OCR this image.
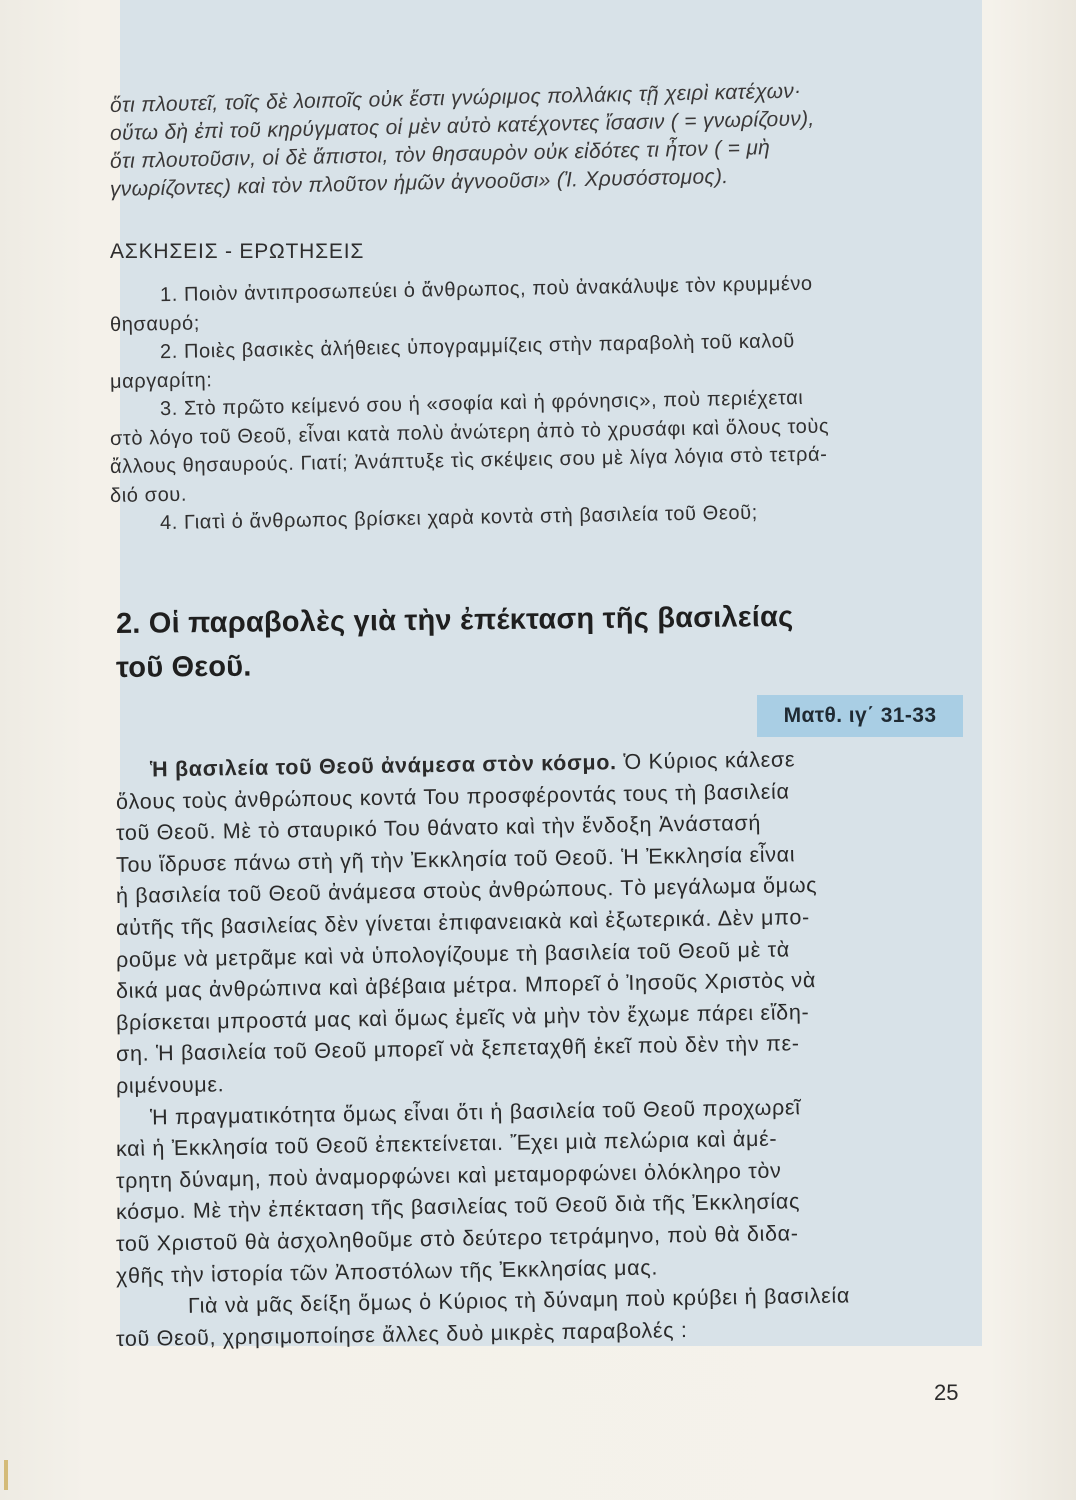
ὅτι πλουτεῖ, τοῖς δὲ λοιποῖς οὐκ ἔστι γνώριμος πολλάκις τῇ χειρὶ κατέχων·
οὕτω δὴ ἐπὶ τοῦ κηρύγματος οἱ μὲν αὐτὸ κατέχοντες ἴσασιν ( = γνωρίζουν),
ὅτι πλουτοῦσιν, οἱ δὲ ἄπιστοι, τὸν θησαυρὸν οὐκ εἰδότες τι ἦτον ( = μὴ
γνωρίζοντες) καὶ τὸν πλοῦτον ἡμῶν ἀγνοοῦσι» (Ἰ. Χρυσόστομος).
ΑΣΚΗΣΕΙΣ - ΕΡΩΤΗΣΕΙΣ
1. Ποιὸν ἀντιπροσωπεύει ὁ ἄνθρωπος, ποὺ ἀνακάλυψε τὸν κρυμμένο
θησαυρό;
2. Ποιὲς βασικὲς ἀλήθειες ὑπογραμμίζεις στὴν παραβολὴ τοῦ καλοῦ
μαργαρίτη:
3. Στὸ πρῶτο κείμενό σου ἡ «σοφία καὶ ἡ φρόνησις», ποὺ περιέχεται
στὸ λόγο τοῦ Θεοῦ, εἶναι κατὰ πολὺ ἀνώτερη ἀπὸ τὸ χρυσάφι καὶ ὅλους τοὺς
ἄλλους θησαυρούς. Γιατί; Ἀνάπτυξε τὶς σκέψεις σου μὲ λίγα λόγια στὸ τετρά-
διό σου.
4. Γιατὶ ὁ ἄνθρωπος βρίσκει χαρὰ κοντὰ στὴ βασιλεία τοῦ Θεοῦ;
2. Οἱ παραβολὲς γιὰ τὴν ἐπέκταση τῆς βασιλείας
τοῦ Θεοῦ.
Ματθ. ιγ΄ 31-33
Ἡ βασιλεία τοῦ Θεοῦ ἀνάμεσα στὸν κόσμο. Ὁ Κύριος κάλεσε
ὅλους τοὺς ἀνθρώπους κοντά Του προσφέροντάς τους τὴ βασιλεία
τοῦ Θεοῦ. Μὲ τὸ σταυρικό Του θάνατο καὶ τὴν ἔνδοξη Ἀνάστασή
Του ἵδρυσε πάνω στὴ γῆ τὴν Ἐκκλησία τοῦ Θεοῦ. Ἡ Ἐκκλησία εἶναι
ἡ βασιλεία τοῦ Θεοῦ ἀνάμεσα στοὺς ἀνθρώπους. Τὸ μεγάλωμα ὅμως
αὐτῆς τῆς βασιλείας δὲν γίνεται ἐπιφανειακὰ καὶ ἐξωτερικά. Δὲν μπο-
ροῦμε νὰ μετρᾶμε καὶ νὰ ὑπολογίζουμε τὴ βασιλεία τοῦ Θεοῦ μὲ τὰ
δικά μας ἀνθρώπινα καὶ ἀβέβαια μέτρα. Μπορεῖ ὁ Ἰησοῦς Χριστὸς νὰ
βρίσκεται μπροστά μας καὶ ὅμως ἐμεῖς νὰ μὴν τὸν ἔχωμε πάρει εἴδη-
ση. Ἡ βασιλεία τοῦ Θεοῦ μπορεῖ νὰ ξεπεταχθῆ ἐκεῖ ποὺ δὲν τὴν πε-
ριμένουμε.
Ἡ πραγματικότητα ὅμως εἶναι ὅτι ἡ βασιλεία τοῦ Θεοῦ προχωρεῖ
καὶ ἡ Ἐκκλησία τοῦ Θεοῦ ἐπεκτείνεται. Ἔχει μιὰ πελώρια καὶ ἀμέ-
τρητη δύναμη, ποὺ ἀναμορφώνει καὶ μεταμορφώνει ὁλόκληρο τὸν
κόσμο. Μὲ τὴν ἐπέκταση τῆς βασιλείας τοῦ Θεοῦ διὰ τῆς Ἐκκλησίας
τοῦ Χριστοῦ θὰ ἀσχοληθοῦμε στὸ δεύτερο τετράμηνο, ποὺ θὰ διδα-
χθῆς τὴν ἱστορία τῶν Ἀποστόλων τῆς Ἐκκλησίας μας.
Γιὰ νὰ μᾶς δείξη ὅμως ὁ Κύριος τὴ δύναμη ποὺ κρύβει ἡ βασιλεία
τοῦ Θεοῦ, χρησιμοποίησε ἄλλες δυὸ μικρὲς παραβολές :
25
